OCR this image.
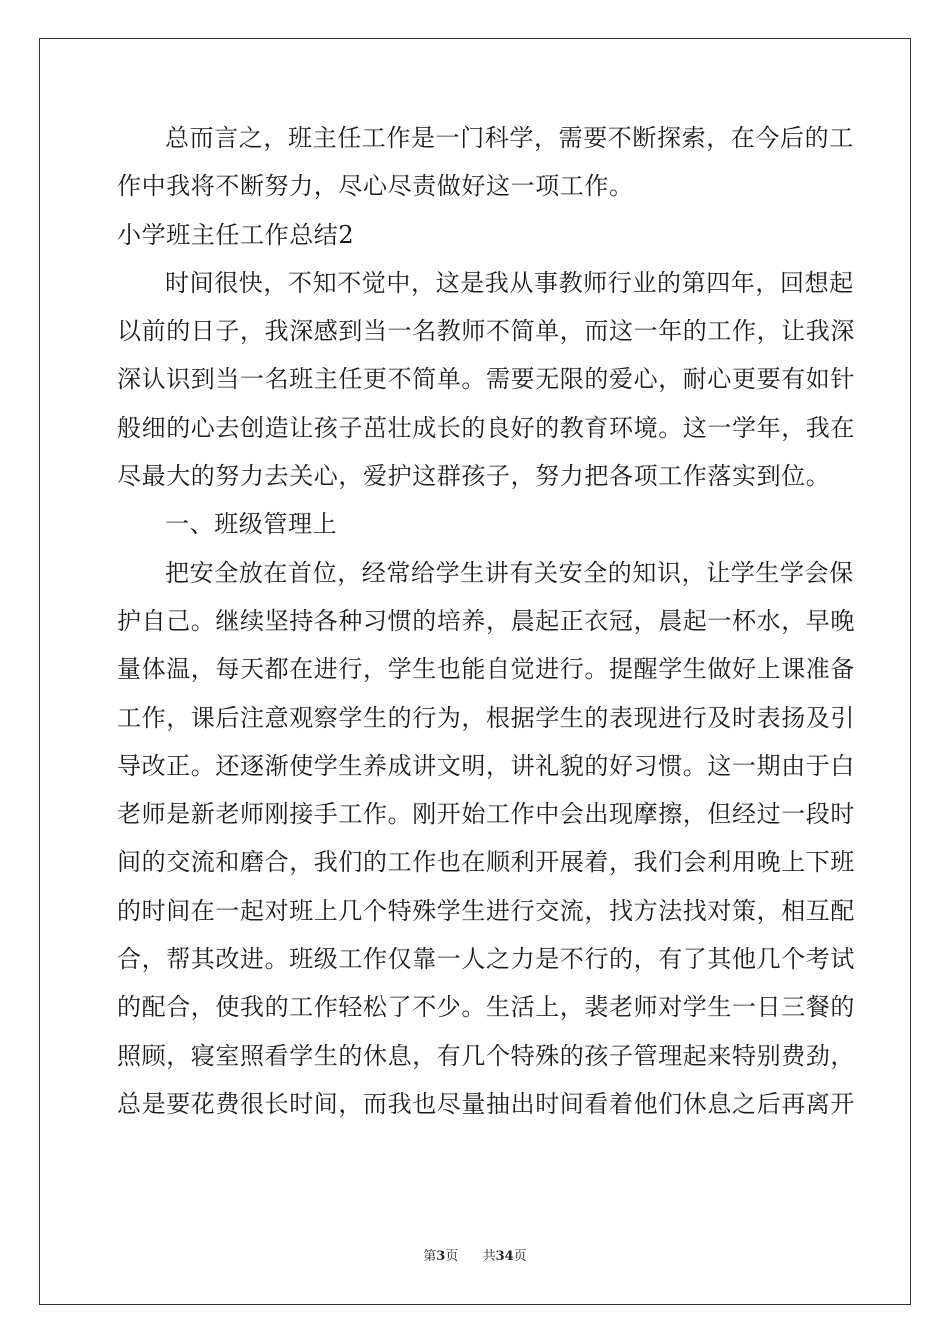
总而言之，班主任工作是一门科学，需要不断探索，在今后的工
作中我将不断努力，尽心尽责做好这一项工作。
小学班主任工作总结2
时间很快，不知不觉中，这是我从事教师行业的第四年，回想起
以前的日子，我深感到当一名教师不简单，而这一年的工作，让我深
深认识到当一名班主任更不简单。需要无限的爱心，耐心更要有如针
般细的心去创造让孩子茁壮成长的良好的教育环境。这一学年，我在
尽最大的努力去关心，爱护这群孩子，努力把各项工作落实到位。
一、班级管理上
把安全放在首位，经常给学生讲有关安全的知识，让学生学会保
护自己。继续坚持各种习惯的培养，晨起正衣冠，晨起一杯水，早晚
量体温，每天都在进行，学生也能自觉进行。提醒学生做好上课准备
工作，课后注意观察学生的行为，根据学生的表现进行及时表扬及引
导改正。还逐渐使学生养成讲文明，讲礼貌的好习惯。这一期由于白
老师是新老师刚接手工作。刚开始工作中会出现摩擦，但经过一段时
间的交流和磨合，我们的工作也在顺利开展着，我们会利用晚上下班
的时间在一起对班上几个特殊学生进行交流，找方法找对策，相互配
合，帮其改进。班级工作仅靠一人之力是不行的，有了其他几个考试
的配合，使我的工作轻松了不少。生活上，裴老师对学生一日三餐的
照顾，寝室照看学生的休息，有几个特殊的孩子管理起来特别费劲，
总是要花费很长时间，而我也尽量抽出时间看着他们休息之后再离开
第3页 共34页
